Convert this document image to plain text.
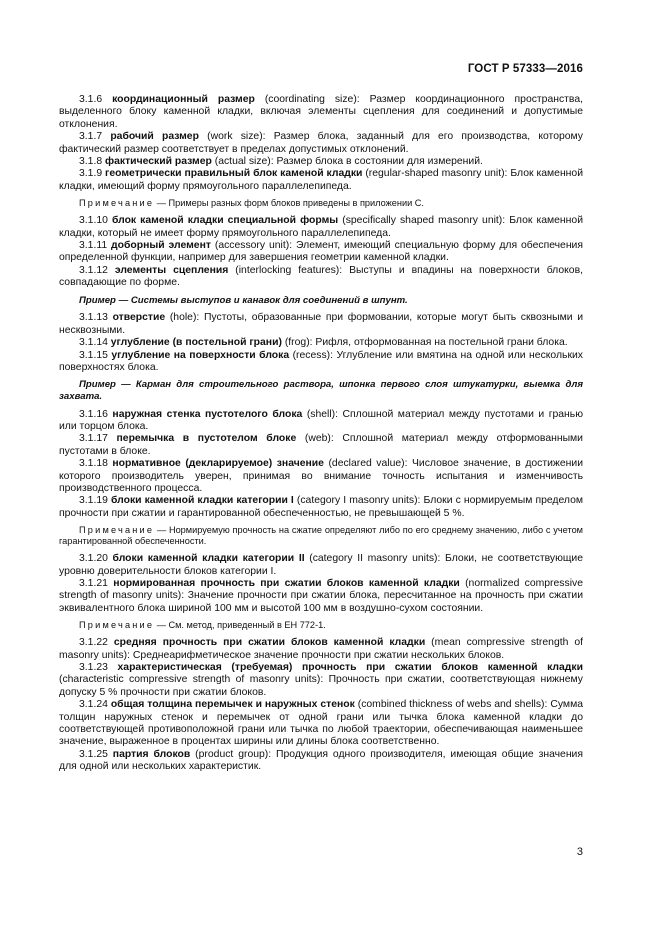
ГОСТ Р 57333—2016

3.1.6 координационный размер (coordinating size): Размер координационного пространства, выделенного блоку каменной кладки, включая элементы сцепления для соединений и допустимые отклонения.

3.1.7 рабочий размер (work size): Размер блока, заданный для его производства, которому фактический размер соответствует в пределах допустимых отклонений.

3.1.8 фактический размер (actual size): Размер блока в состоянии для измерений.

3.1.9 геометрически правильный блок каменой кладки (regular-shaped masonry unit): Блок каменной кладки, имеющий форму прямоугольного параллелепипеда.

Примечание — Примеры разных форм блоков приведены в приложении С.

3.1.10 блок каменой кладки специальной формы (specifically shaped masonry unit): Блок каменной кладки, который не имеет форму прямоугольного параллелепипеда.

3.1.11 доборный элемент (accessory unit): Элемент, имеющий специальную форму для обеспечения определенной функции, например для завершения геометрии каменной кладки.

3.1.12 элементы сцепления (interlocking features): Выступы и впадины на поверхности блоков, совпадающие по форме.

Пример — Системы выступов и канавок для соединений в шпунт.

3.1.13 отверстие (hole): Пустоты, образованные при формовании, которые могут быть сквозными и несквозными.

3.1.14 углубление (в постельной грани) (frog): Рифля, отформованная на постельной грани блока.

3.1.15 углубление на поверхности блока (recess): Углубление или вмятина на одной или нескольких поверхностях блока.

Пример — Карман для строительного раствора, шпонка первого слоя штукатурки, выемка для захвата.

3.1.16 наружная стенка пустотелого блока (shell): Сплошной материал между пустотами и гранью или торцом блока.

3.1.17 перемычка в пустотелом блоке (web): Сплошной материал между отформованными пустотами в блоке.

3.1.18 нормативное (декларируемое) значение (declared value): Числовое значение, в достижении которого производитель уверен, принимая во внимание точность испытания и изменчивость производственного процесса.

3.1.19 блоки каменной кладки категории I (category I masonry units): Блоки с нормируемым пределом прочности при сжатии и гарантированной обеспеченностью, не превышающей 5 %.

Примечание — Нормируемую прочность на сжатие определяют либо по его среднему значению, либо с учетом гарантированной обеспеченности.

3.1.20 блоки каменной кладки категории II (category II masonry units): Блоки, не соответствующие уровню доверительности блоков категории I.

3.1.21 нормированная прочность при сжатии блоков каменной кладки (normalized compressive strength of masonry units): Значение прочности при сжатии блока, пересчитанное на прочность при сжатии эквивалентного блока шириной 100 мм и высотой 100 мм в воздушно-сухом состоянии.

Примечание — См. метод, приведенный в ЕН 772-1.

3.1.22 средняя прочность при сжатии блоков каменной кладки (mean compressive strength of masonry units): Среднеарифметическое значение прочности при сжатии нескольких блоков.

3.1.23 характеристическая (требуемая) прочность при сжатии блоков каменной кладки (characteristic compressive strength of masonry units): Прочность при сжатии, соответствующая нижнему допуску 5 % прочности при сжатии блоков.

3.1.24 общая толщина перемычек и наружных стенок (combined thickness of webs and shells): Сумма толщин наружных стенок и перемычек от одной грани или тычка блока каменной кладки до соответствующей противоположной грани или тычка по любой траектории, обеспечивающая наименьшее значение, выраженное в процентах ширины или длины блока соответственно.

3.1.25 партия блоков (product group): Продукция одного производителя, имеющая общие значения для одной или нескольких характеристик.

3
